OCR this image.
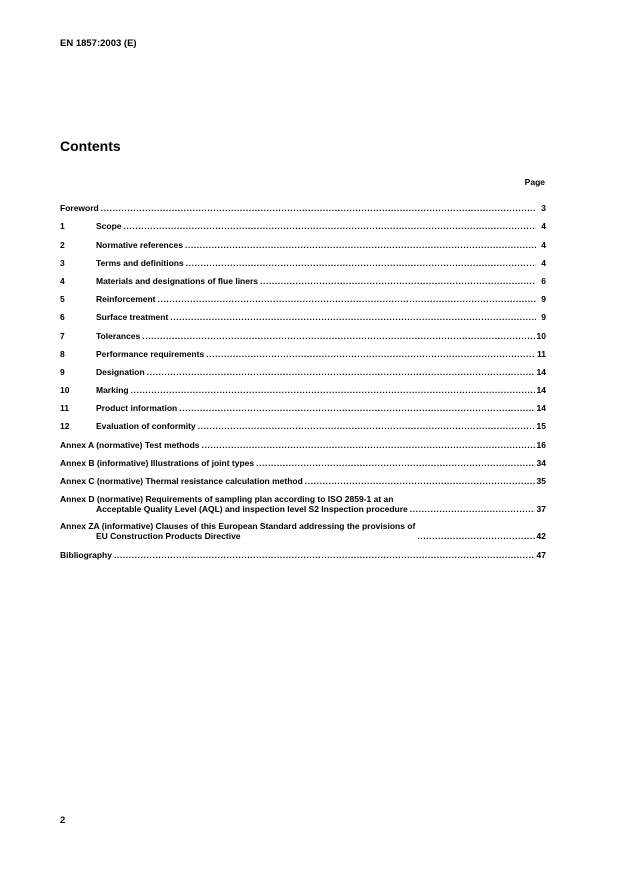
EN 1857:2003 (E)
Contents
Page
Foreword .....	3
1	Scope .....	4
2	Normative references .....	4
3	Terms and definitions .....	4
4	Materials and designations of flue liners .....	6
5	Reinforcement .....	9
6	Surface treatment .....	9
7	Tolerances .....	10
8	Performance requirements .....	11
9	Designation .....	14
10	Marking .....	14
11	Product information .....	14
12	Evaluation of conformity .....	15
Annex A (normative) Test methods .....	16
Annex B (informative) Illustrations of joint types .....	34
Annex C (normative) Thermal resistance calculation method .....	35
Annex D (normative) Requirements of sampling plan according to ISO 2859-1 at an
Acceptable Quality Level (AQL) and inspection level S2 Inspection procedure .....	37
Annex ZA (informative) Clauses of this European Standard addressing the provisions of
EU Construction Products Directive .....	42
Bibliography .....	47
2
